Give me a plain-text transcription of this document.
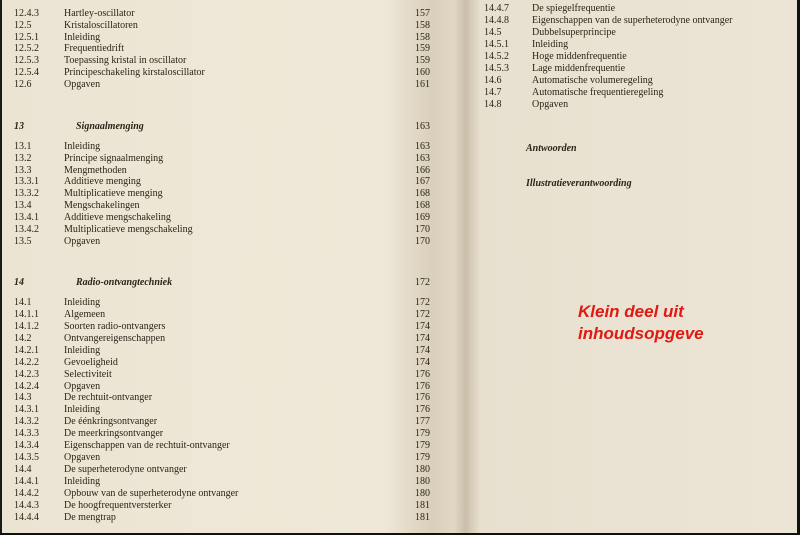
12.4.3	Hartley-oscillator	157
12.5	Kristaloscillatoren	158
12.5.1	Inleiding	158
12.5.2	Frequentiedrift	159
12.5.3	Toepassing kristal in oscillator	159
12.5.4	Principeschakeling kirstaloscillator	160
12.6	Opgaven	161
13	Signaalmenging	163
13.1	Inleiding	163
13.2	Principe signaalmenging	163
13.3	Mengmethoden	166
13.3.1	Additieve menging	167
13.3.2	Multiplicatieve menging	168
13.4	Mengschakelingen	168
13.4.1	Additieve mengschakeling	169
13.4.2	Multiplicatieve mengschakeling	170
13.5	Opgaven	170
14	Radio-ontvangtechniek	172
14.1	Inleiding	172
14.1.1	Algemeen	172
14.1.2	Soorten radio-ontvangers	174
14.2	Ontvangereigenschappen	174
14.2.1	Inleiding	174
14.2.2	Gevoeligheid	174
14.2.3	Selectiviteit	176
14.2.4	Opgaven	176
14.3	De rechtuit-ontvanger	176
14.3.1	Inleiding	176
14.3.2	De éénkringsontvanger	177
14.3.3	De meerkringsontvanger	179
14.3.4	Eigenschappen van de rechtuit-ontvanger	179
14.3.5	Opgaven	179
14.4	De superheterodyne ontvanger	180
14.4.1	Inleiding	180
14.4.2	Opbouw van de superheterodyne ontvanger	180
14.4.3	De hoogfrequentversterker	181
14.4.4	De mengtrap	181
14.4.7 De spiegelfrequentie
14.4.8 Eigenschappen van de superheterodyne ontvanger
14.5	Dubbelsuperprincipe
14.5.1 Inleiding
14.5.2 Hoge middenfrequentie
14.5.3 Lage middenfrequentie
14.6	Automatische volumeregeling
14.7	Automatische frequentieregeling
14.8	Opgaven
Antwoorden
Illustratieverantwoording
Klein deel uit
inhoudsopgeve
